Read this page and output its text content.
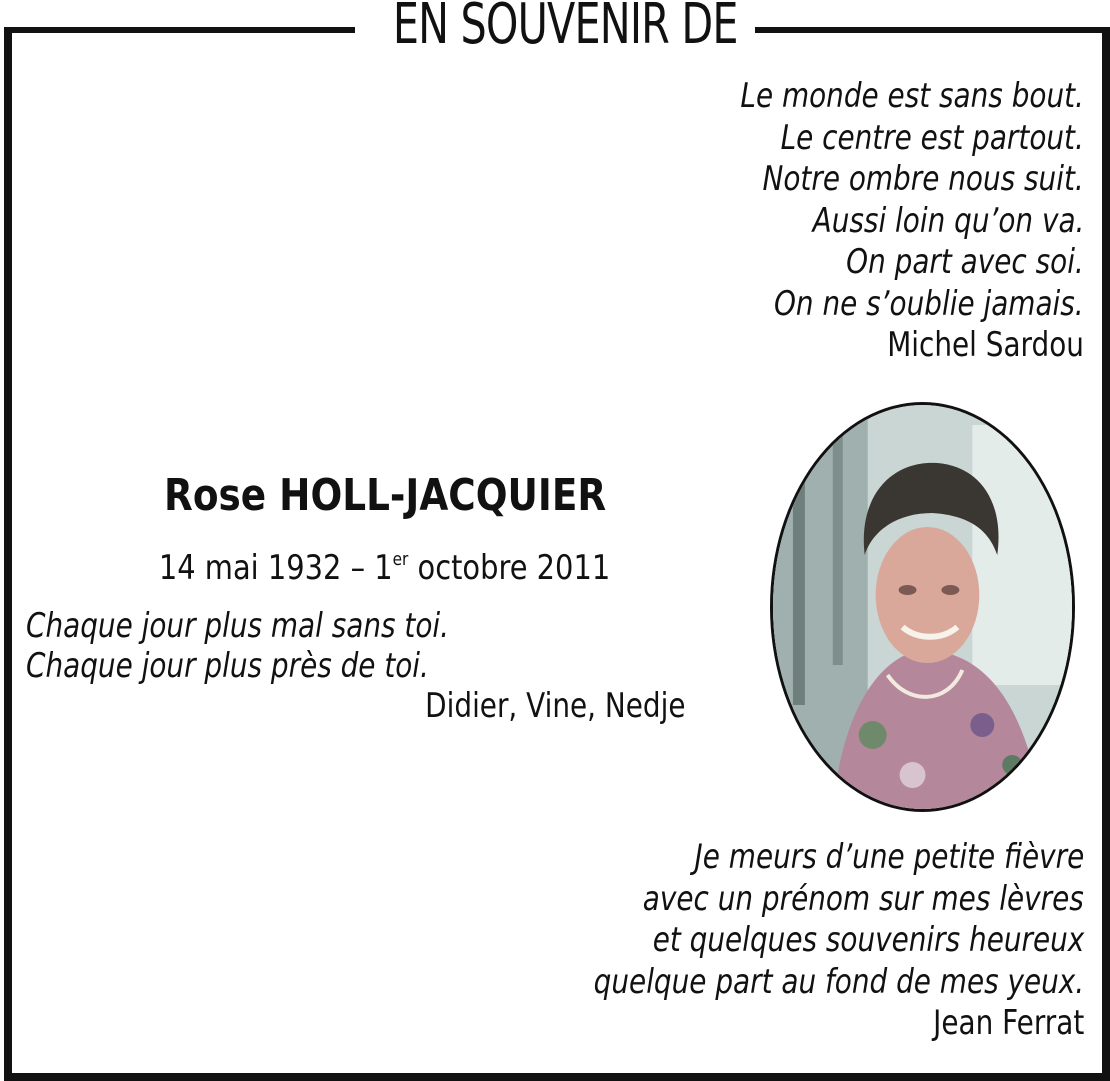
EN SOUVENIR DE
Le monde est sans bout.
Le centre est partout.
Notre ombre nous suit.
Aussi loin qu’on va.
On part avec soi.
On ne s’oublie jamais.
Michel Sardou
Rose HOLL-JACQUIER
14 mai 1932 – 1er octobre 2011
Chaque jour plus mal sans toi.
Chaque jour plus près de toi.
Didier, Vine, Nedje
Je meurs d’une petite fièvre
avec un prénom sur mes lèvres
et quelques souvenirs heureux
quelque part au fond de mes yeux.
Jean Ferrat
